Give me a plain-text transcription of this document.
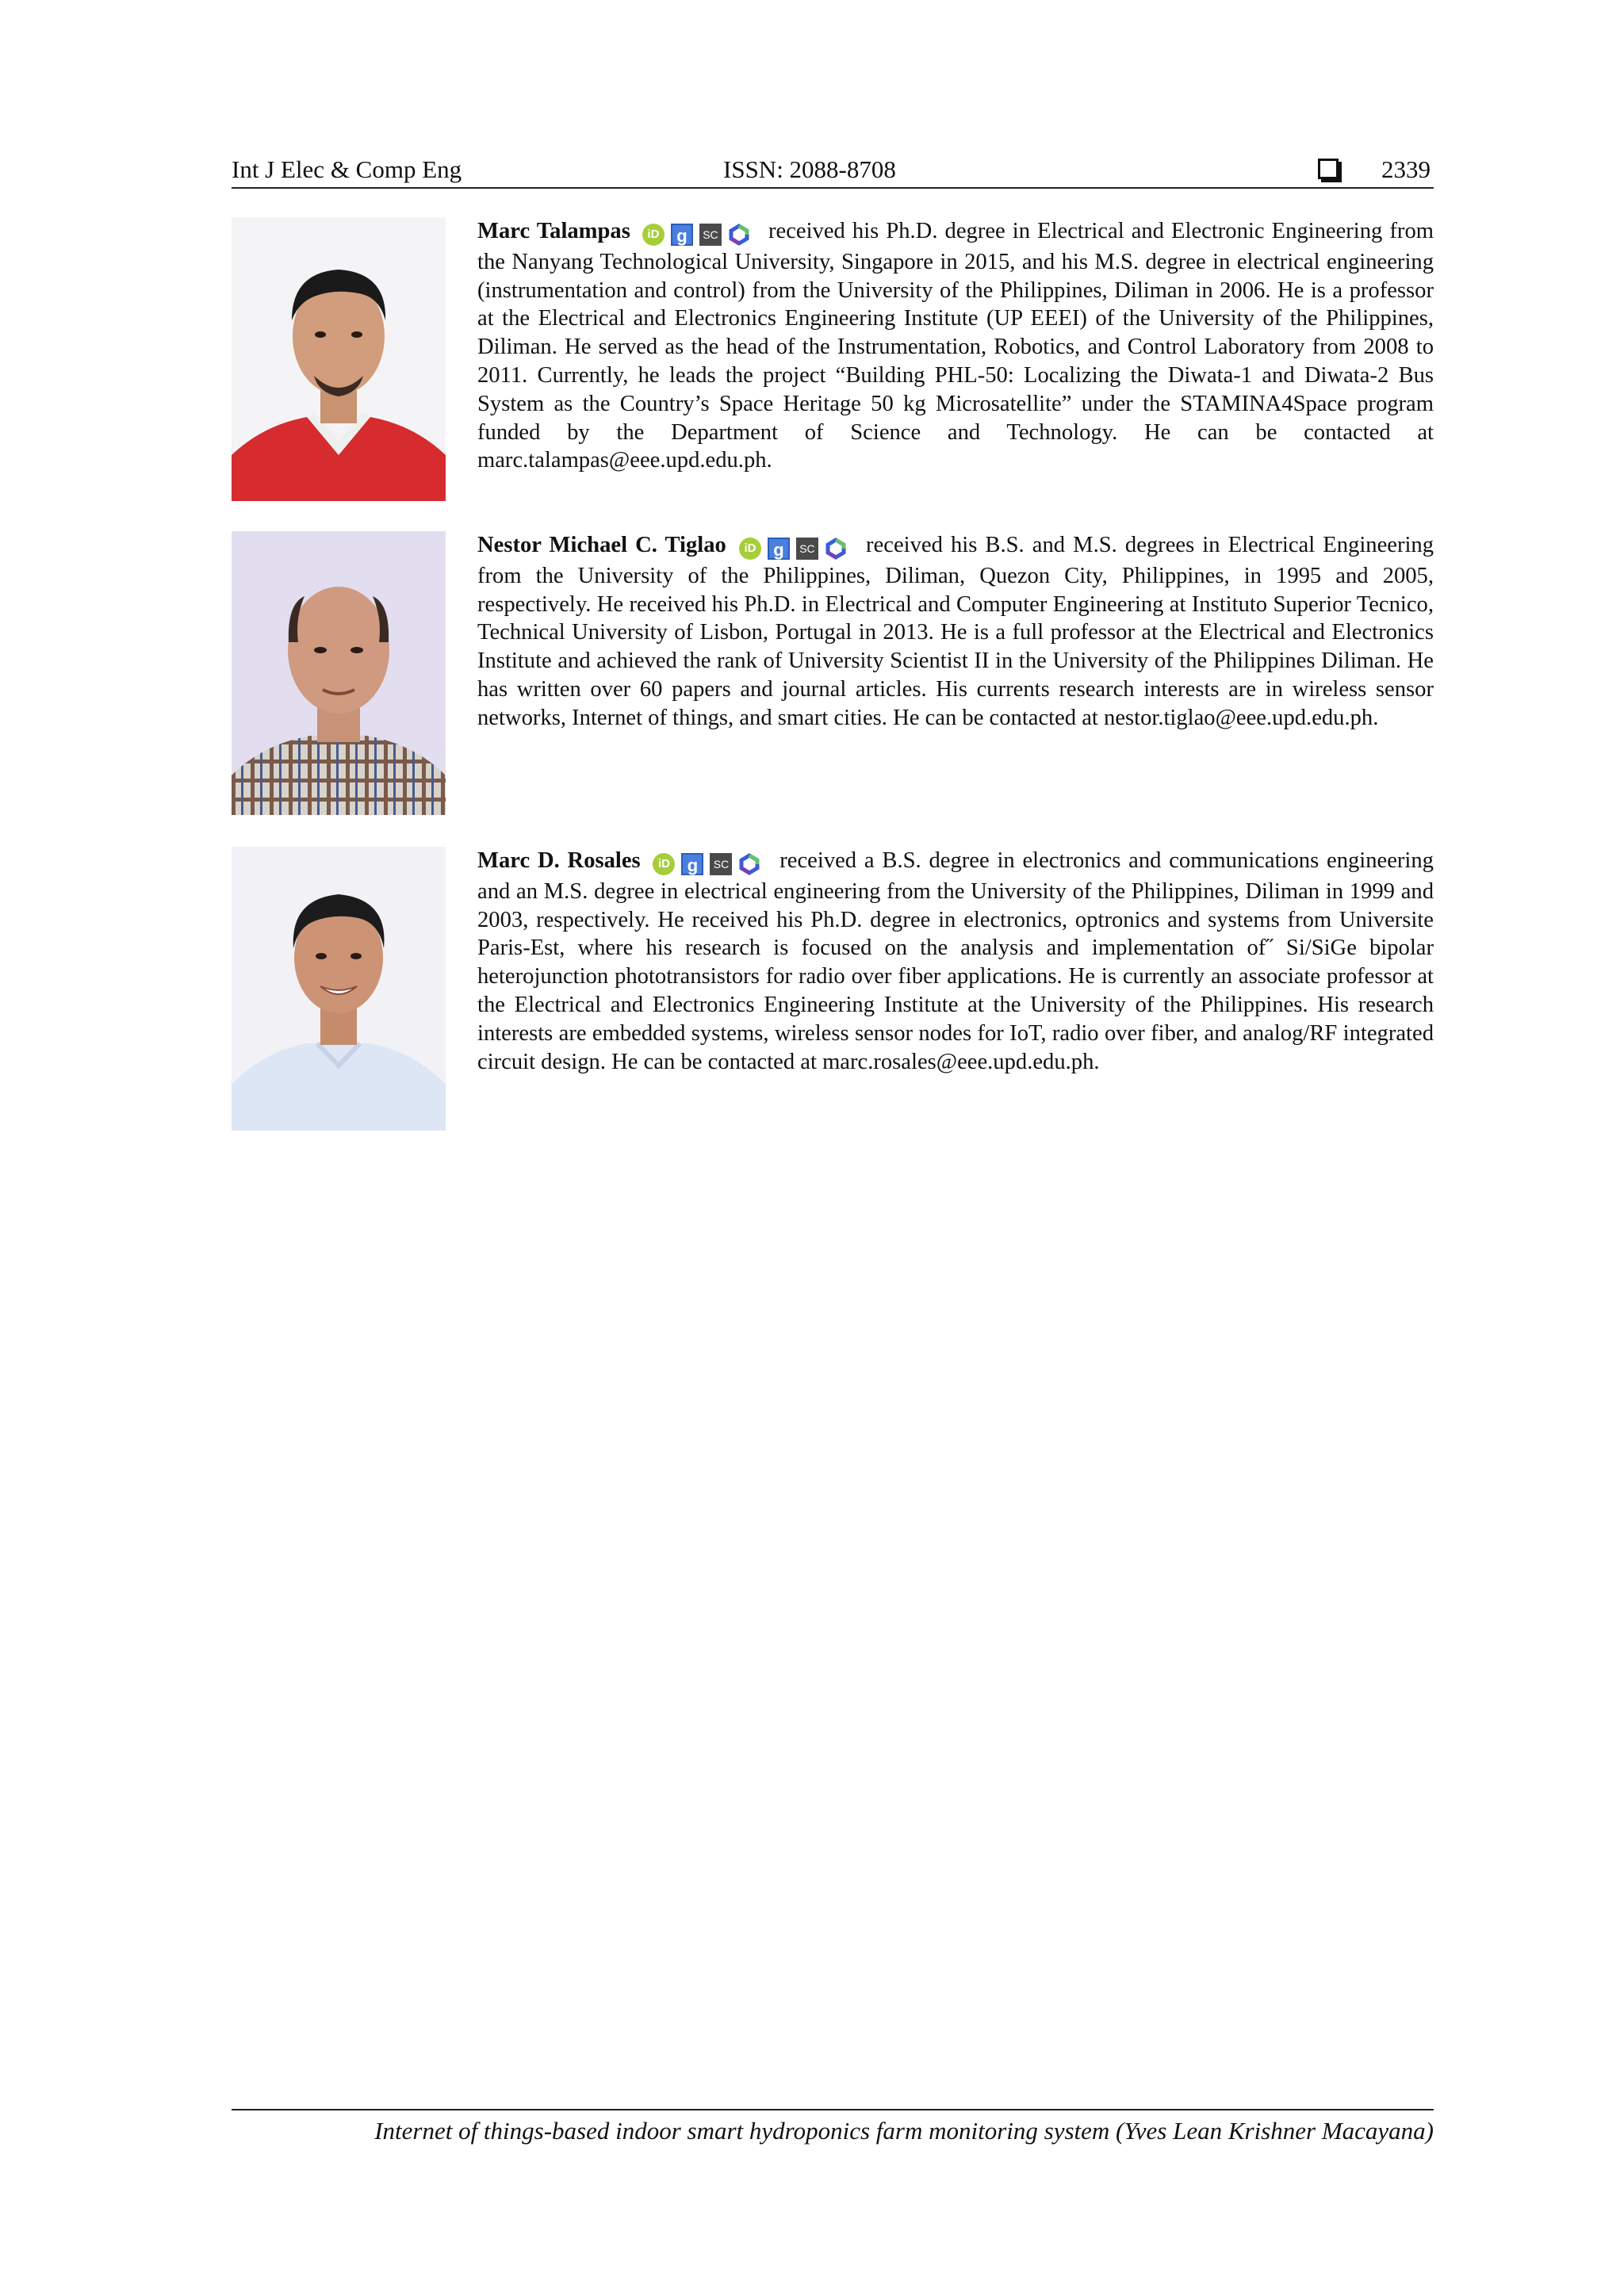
Int J Elec & Comp Eng	ISSN: 2088-8708	2339
Marc Talampas iD g SC received his Ph.D. degree in Electrical and Electronic Engineering from the Nanyang Technological University, Singapore in 2015, and his M.S. degree in electrical engineering (instrumentation and control) from the University of the Philippines, Diliman in 2006. He is a professor at the Electrical and Electronics Engineering Institute (UP EEEI) of the University of the Philippines, Diliman. He served as the head of the Instrumentation, Robotics, and Control Laboratory from 2008 to 2011. Currently, he leads the project “Building PHL-50: Localizing the Diwata-1 and Diwata-2 Bus System as the Country’s Space Heritage 50 kg Microsatellite” under the STAMINA4Space program funded by the Department of Science and Technology. He can be contacted at marc.talampas@eee.upd.edu.ph.
Nestor Michael C. Tiglao iD g SC received his B.S. and M.S. degrees in Electrical Engineering from the University of the Philippines, Diliman, Quezon City, Philippines, in 1995 and 2005, respectively. He received his Ph.D. in Electrical and Computer Engineering at Instituto Superior Tecnico, Technical University of Lisbon, Portugal in 2013. He is a full professor at the Electrical and Electronics Institute and achieved the rank of University Scientist II in the University of the Philippines Diliman. He has written over 60 papers and journal articles. His currents research interests are in wireless sensor networks, Internet of things, and smart cities. He can be contacted at nestor.tiglao@eee.upd.edu.ph.
Marc D. Rosales iD g SC received a B.S. degree in electronics and communications engineering and an M.S. degree in electrical engineering from the University of the Philippines, Diliman in 1999 and 2003, respectively. He received his Ph.D. degree in electronics, optronics and systems from Universite Paris-Est, where his research is focused on the analysis and implementation of˝ Si/SiGe bipolar heterojunction phototransistors for radio over fiber applications. He is currently an associate professor at the Electrical and Electronics Engineering Institute at the University of the Philippines. His research interests are embedded systems, wireless sensor nodes for IoT, radio over fiber, and analog/RF integrated circuit design. He can be contacted at marc.rosales@eee.upd.edu.ph.
Internet of things-based indoor smart hydroponics farm monitoring system (Yves Lean Krishner Macayana)
